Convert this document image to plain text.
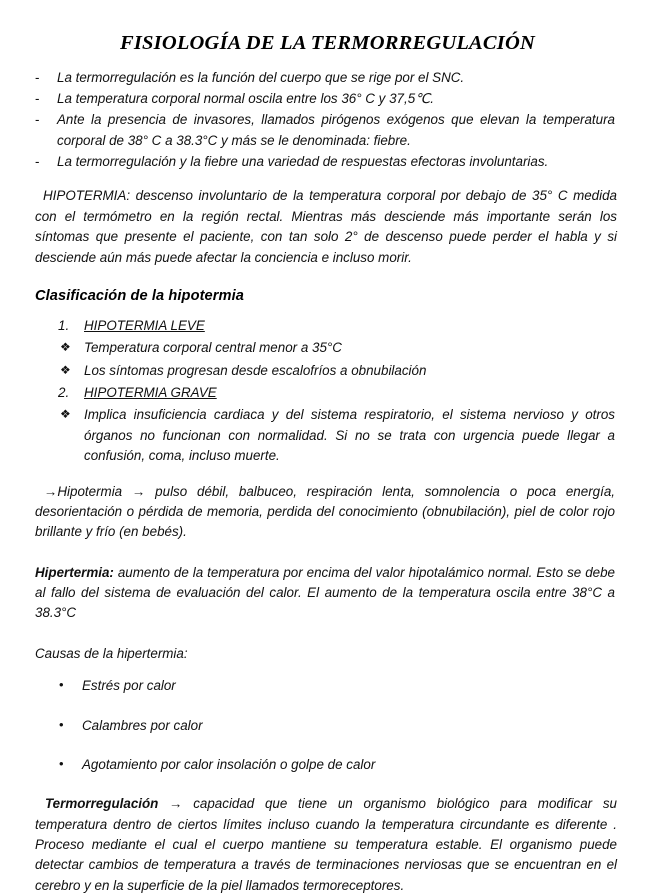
FISIOLOGÍA DE LA TERMORREGULACIÓN
- La termorregulación es la función del cuerpo que se rige por el SNC.
- La temperatura corporal normal oscila entre los 36° C y 37,5℃.
- Ante la presencia de invasores, llamados pirógenos exógenos que elevan la temperatura corporal de 38° C a 38.3°C y más se le denominada: fiebre.
- La termorregulación y la fiebre una variedad de respuestas efectoras involuntarias.

HIPOTERMIA: descenso involuntario de la temperatura corporal por debajo de 35° C medida con el termómetro en la región rectal. Mientras más desciende más importante serán los síntomas que presente el paciente, con tan solo 2° de descenso puede perder el habla y si desciende aún más puede afectar la conciencia e incluso morir.

Clasificación de la hipotermia
1. HIPOTERMIA LEVE
❖ Temperatura corporal central menor a 35°C
❖ Los síntomas progresan desde escalofríos a obnubilación
2. HIPOTERMIA GRAVE
❖ Implica insuficiencia cardiaca y del sistema respiratorio, el sistema nervioso y otros órganos no funcionan con normalidad. Si no se trata con urgencia puede llegar a confusión, coma, incluso muerte.

→Hipotermia → pulso débil, balbuceo, respiración lenta, somnolencia o poca energía, desorientación o pérdida de memoria, perdida del conocimiento (obnubilación), piel de color rojo brillante y frío (en bebés).

Hipertermia: aumento de la temperatura por encima del valor hipotalámico normal. Esto se debe al fallo del sistema de evaluación del calor. El aumento de la temperatura oscila entre 38°C a 38.3°C

Causas de la hipertermia:

• Estrés por calor
• Calambres por calor
• Agotamiento por calor insolación o golpe de calor

Termorregulación → capacidad que tiene un organismo biológico para modificar su temperatura dentro de ciertos límites incluso cuando la temperatura circundante es diferente . Proceso mediante el cual el cuerpo mantiene su temperatura estable. El organismo puede detectar cambios de temperatura a través de terminaciones nerviosas que se encuentran en el cerebro y en la superficie de la piel llamados termoreceptores.
